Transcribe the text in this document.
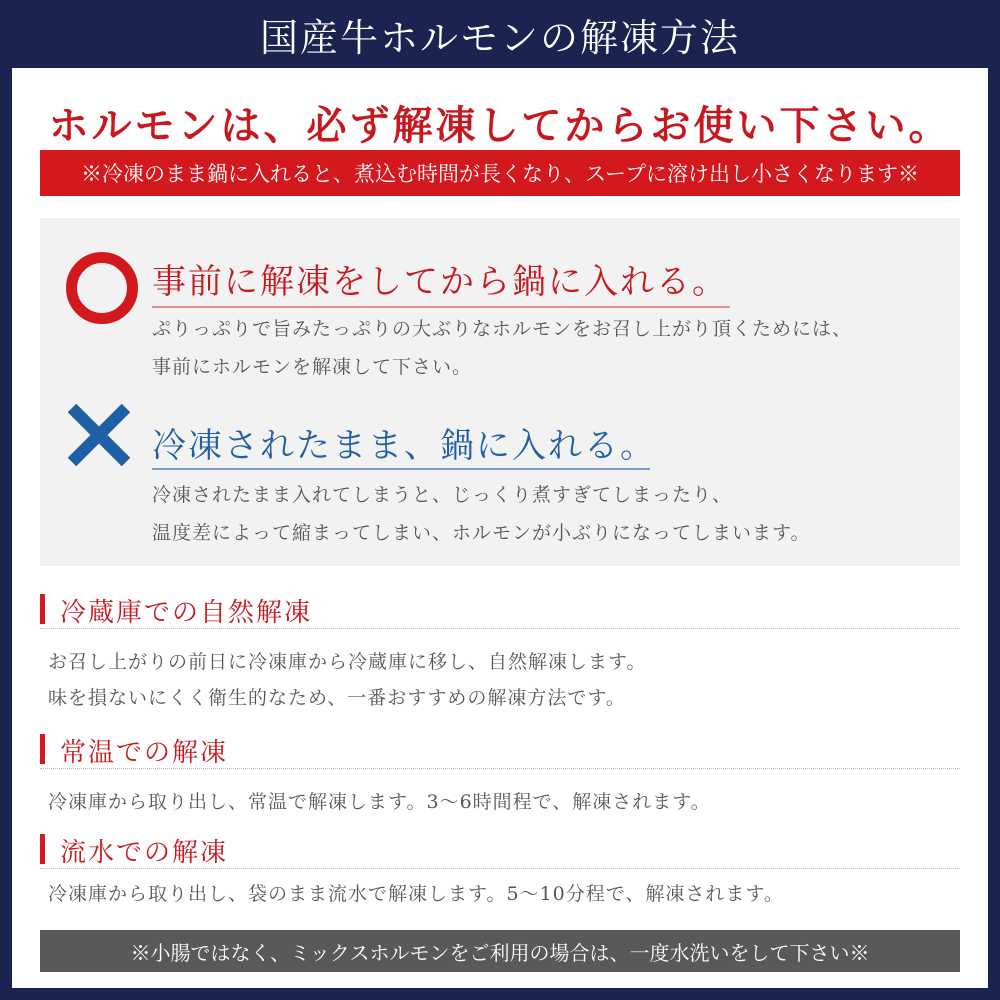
国産牛ホルモンの解凍方法
ホルモンは、必ず解凍してからお使い下さい。
※冷凍のまま鍋に入れると、煮込む時間が長くなり、スープに溶け出し小さくなります※
事前に解凍をしてから鍋に入れる。
ぷりっぷりで旨みたっぷりの大ぶりなホルモンをお召し上がり頂くためには、
事前にホルモンを解凍して下さい。
冷凍されたまま、鍋に入れる。
冷凍されたまま入れてしまうと、じっくり煮すぎてしまったり、
温度差によって縮まってしまい、ホルモンが小ぶりになってしまいます。
冷蔵庫での自然解凍
お召し上がりの前日に冷凍庫から冷蔵庫に移し、自然解凍します。
味を損ないにくく衛生的なため、一番おすすめの解凍方法です。
常温での解凍
冷凍庫から取り出し、常温で解凍します。3〜6時間程で、解凍されます。
流水での解凍
冷凍庫から取り出し、袋のまま流水で解凍します。5〜10分程で、解凍されます。
※小腸ではなく、ミックスホルモンをご利用の場合は、一度水洗いをして下さい※
